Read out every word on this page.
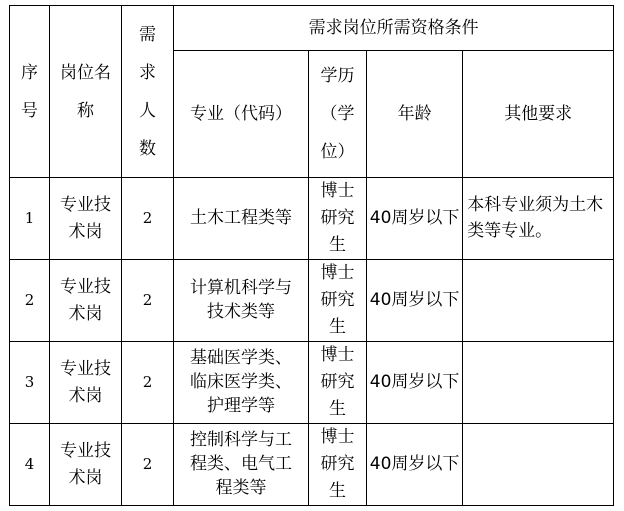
序号	岗位名称	需求人数	需求岗位所需资格条件			
			专业（代码）	学历（学位）	年龄	其他要求
1	专业技术岗	2	土木工程类等	博士研究生	40周岁以下	本科专业须为土木类等专业。
2	专业技术岗	2	计算机科学与技术类等	博士研究生	40周岁以下	
3	专业技术岗	2	基础医学类、临床医学类、护理学等	博士研究生	40周岁以下	
4	专业技术岗	2	控制科学与工程类、电气工程类等	博士研究生	40周岁以下	
